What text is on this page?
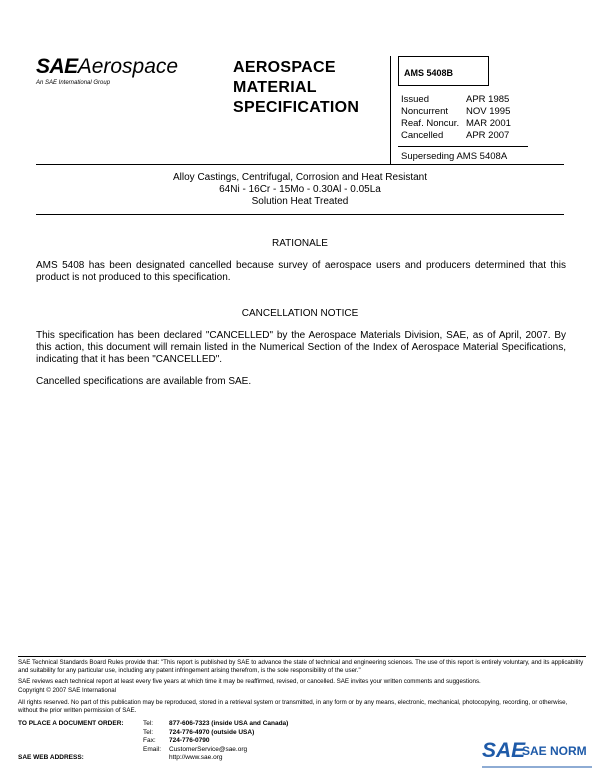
SAEAerospace
An SAE International Group
AEROSPACE
MATERIAL
SPECIFICATION
AMS 5408B
Issued	APR 1985
Noncurrent	NOV 1995
Reaf. Noncur. MAR 2001
Cancelled	APR 2007
Superseding AMS 5408A
Alloy Castings, Centrifugal, Corrosion and Heat Resistant
64Ni - 16Cr - 15Mo - 0.30Al - 0.05La
Solution Heat Treated
RATIONALE
AMS 5408 has been designated cancelled because survey of aerospace users and producers determined that this product is not produced to this specification.
CANCELLATION NOTICE
This specification has been declared "CANCELLED" by the Aerospace Materials Division, SAE, as of April, 2007. By this action, this document will remain listed in the Numerical Section of the Index of Aerospace Material Specifications, indicating that it has been "CANCELLED".
Cancelled specifications are available from SAE.
SAE Technical Standards Board Rules provide that: "This report is published by SAE to advance the state of technical and engineering sciences. The use of this report is entirely voluntary, and its applicability and suitability for any particular use, including any patent infringement arising therefrom, is the sole responsibility of the user."
SAE reviews each technical report at least every five years at which time it may be reaffirmed, revised, or cancelled. SAE invites your written comments and suggestions.
Copyright © 2007 SAE International
All rights reserved. No part of this publication may be reproduced, stored in a retrieval system or transmitted, in any form or by any means, electronic, mechanical, photocopying, recording, or otherwise, without the prior written permission of SAE.
TO PLACE A DOCUMENT ORDER:	Tel:	877-606-7323 (inside USA and Canada)
Tel:	724-776-4970 (outside USA)
Fax:	724-776-0790
Email:	CustomerService@sae.org
SAE WEB ADDRESS:	http://www.sae.org	SAE
SAE NORM
